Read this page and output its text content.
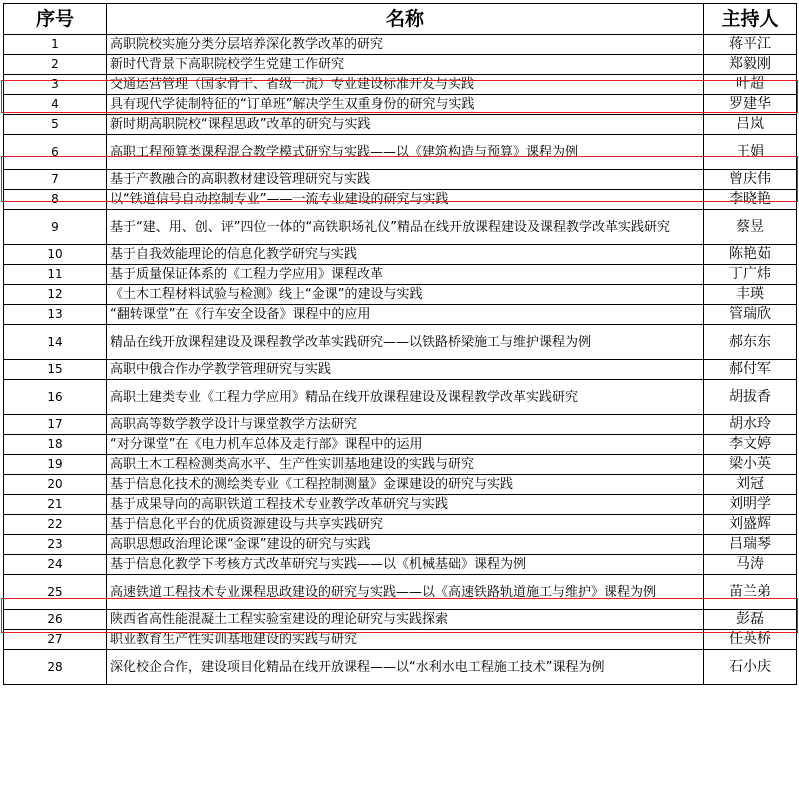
序号	名称	主持人
1	高职院校实施分类分层培养深化教学改革的研究	蒋平江
2	新时代背景下高职院校学生党建工作研究	郑毅刚
3	交通运营管理（国家骨干、省级一流）专业建设标准开发与实践	叶超
4	具有现代学徒制特征的“订单班”解决学生双重身份的研究与实践	罗建华
5	新时期高职院校“课程思政”改革的研究与实践	吕岚
6	高职工程预算类课程混合教学模式研究与实践——以《建筑构造与预算》课程为例	王娟
7	基于产教融合的高职教材建设管理研究与实践	曾庆伟
8	以“铁道信号自动控制专业”——一流专业建设的研究与实践	李晓艳
9	基于“建、用、创、评”四位一体的“高铁职场礼仪”精品在线开放课程建设及课程教学改革实践研究	蔡昱
10	基于自我效能理论的信息化教学研究与实践	陈艳茹
11	基于质量保证体系的《工程力学应用》课程改革	丁广炜
12	《土木工程材料试验与检测》线上“金课”的建设与实践	丰瑛
13	“翻转课堂”在《行车安全设备》课程中的应用	管瑞欣
14	精品在线开放课程建设及课程教学改革实践研究——以铁路桥梁施工与维护课程为例	郝东东
15	高职中俄合作办学教学管理研究与实践	郝付军
16	高职土建类专业《工程力学应用》精品在线开放课程建设及课程教学改革实践研究	胡拔香
17	高职高等数学教学设计与课堂教学方法研究	胡水玲
18	“对分课堂”在《电力机车总体及走行部》课程中的运用	李文婷
19	高职土木工程检测类高水平、生产性实训基地建设的实践与研究	梁小英
20	基于信息化技术的测绘类专业《工程控制测量》金课建设的研究与实践	刘冠
21	基于成果导向的高职铁道工程技术专业教学改革研究与实践	刘明学
22	基于信息化平台的优质资源建设与共享实践研究	刘盛辉
23	高职思想政治理论课“金课”建设的研究与实践	吕瑞琴
24	基于信息化教学下考核方式改革研究与实践——以《机械基础》课程为例	马涛
25	高速铁道工程技术专业课程思政建设的研究与实践——以《高速铁路轨道施工与维护》课程为例	苗兰弟
26	陕西省高性能混凝土工程实验室建设的理论研究与实践探索	彭磊
27	职业教育生产性实训基地建设的实践与研究	任英桥
28	深化校企合作，建设项目化精品在线开放课程——以“水利水电工程施工技术”课程为例	石小庆
